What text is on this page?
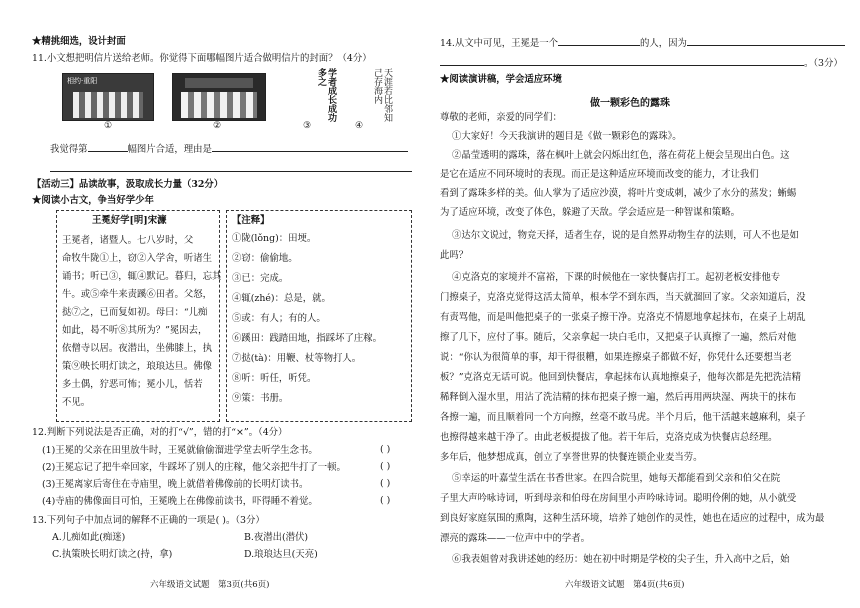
★精挑细选，设计封面
11.小文想把明信片送给老师。你觉得下面哪幅图片适合做明信片的封面？（4分）
相约·重阳	学者成长成功多之	天涯若比邻知己存海内
①	②	③	④
我觉得第	幅图片合适，理由是
【活动三】品读故事，汲取成长力量（32分）
★阅读小古文，争当好学少年
王冕好学[明]宋濂
王冕者，诸暨人。七八岁时，父
命牧牛陇①上，窃②入学舍，听诸生
诵书；听已③，辄④默记。暮归，忘其
牛。或⑤牵牛来责蹊⑥田者。父怒，
挞⑦之，已而复如初。母曰：“儿痴
如此，曷不听⑧其所为？”冕因去，
依僧寺以居。夜潜出，坐佛膝上，执
策⑨映长明灯读之，琅琅达旦。佛像
多土偶，狞恶可怖；冕小儿，恬若
不见。
【注释】
①陇(lǒng)：田埂。
②窃：偷偷地。
③已：完成。
④辄(zhé)：总是，就。
⑤或：有人；有的人。
⑥蹊田：践踏田地，指踩坏了庄稼。
⑦挞(tà)：用鞭、杖等物打人。
⑧听：听任，听凭。
⑨策：书册。
12.判断下列说法是否正确，对的打“√”，错的打“×”。（4分）
(1)王冕的父亲在田里放牛时，王冕就偷偷溜进学堂去听学生念书。	( )
(2)王冕忘记了把牛牵回家，牛踩坏了别人的庄稼，他父亲把牛打了一顿。	( )
(3)王冕离家后寄住在寺庙里，晚上就借着佛像前的长明灯读书。	( )
(4)寺庙的佛像面目可怕，王冕晚上在佛像前读书，吓得睡不着觉。	( )
13.下列句子中加点词的解释不正确的一项是( )。（3分）
A.儿痴如此(痴迷)	B.夜潜出(潜伏)
C.执策映长明灯读之(持，拿)	D.琅琅达旦(天亮)
六年级语文试题　第3页(共6页)
14.从文中可见，王冕是一个	的人，因为
。（3分）
★阅读演讲稿，学会适应环境
做一颗彩色的露珠
尊敬的老师，亲爱的同学们：
①大家好！今天我演讲的题目是《做一颗彩色的露珠》。
②晶莹透明的露珠，落在枫叶上就会闪烁出红色，落在荷花上便会呈现出白色。这
是它在适应不同环境时的表现。而正是这种适应环境而改变的能力，才让我们
看到了露珠多样的美。仙人掌为了适应沙漠，将叶片变成刺，减少了水分的蒸发；蜥蜴
为了适应环境，改变了体色，躲避了天敌。学会适应是一种智谋和策略。
③达尔文说过，物竞天择，适者生存，说的是自然界动物生存的法则，可人不也是如
此吗？
④克洛克的家境并不富裕，下课的时候他在一家快餐店打工。起初老板安排他专
门擦桌子，克洛克觉得这活太简单，根本学不到东西，当天就溜回了家。父亲知道后，没
有责骂他，而是叫他把桌子的一张桌子擦干净。克洛克不情愿地拿起抹布，在桌子上胡乱
擦了几下，应付了事。随后，父亲拿起一块白毛巾，又把桌子认真擦了一遍，然后对他
说：“你认为很简单的事，却干得很糟，如果连擦桌子都做不好，你凭什么还要想当老
板？”克洛克无话可说。他回到快餐店，拿起抹布认真地擦桌子，他每次都是先把洗洁精
稀释倒入湿水里，用沾了洗洁精的抹布把桌子擦一遍，然后再用两块湿、两块干的抹布
各擦一遍，而且顺着同一个方向擦，丝毫不敢马虎。半个月后，他干活越来越麻利，桌子
也擦得越来越干净了。由此老板提拔了他。若干年后，克洛克成为快餐店总经理。
多年后，他梦想成真，创立了享誉世界的快餐连锁企业麦当劳。
⑤幸运的叶嘉莹生活在书香世家。在四合院里，她每天都能看到父亲和伯父在院
子里大声吟咏诗词，听到母亲和伯母在房间里小声吟咏诗词。聪明伶俐的她，从小就受
到良好家庭氛围的熏陶，这种生活环境，培养了她创作的灵性，她也在适应的过程中，成为最
漂亮的露珠——一位声中中的学者。
⑥我表姐曾对我讲述她的经历：她在初中时期是学校的尖子生，升入高中之后，始
六年级语文试题　第4页(共6页)
